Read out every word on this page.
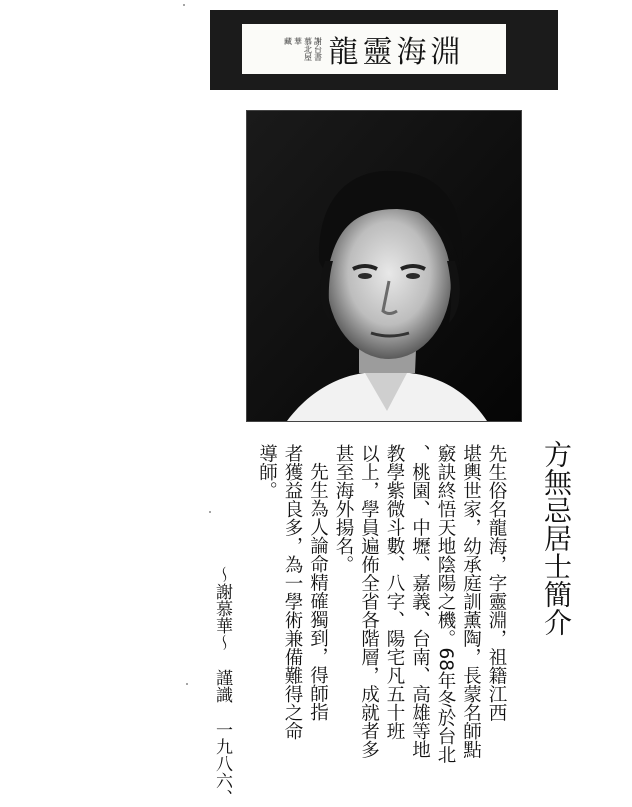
謝台書
慕北屋
華
藏 龍靈海淵
方無忌居士簡介
先生俗名龍海，字靈淵，祖籍江西
堪輿世家，幼承庭訓薰陶，長蒙名師點
竅訣終悟天地陰陽之機。68年冬於台北
、桃園、中壢、嘉義、台南、高雄等地
教學紫微斗數、八字、陽宅凡五十班
以上，學員遍佈全省各階層，成就者多
甚至海外揚名。
先生為人論命精確獨到，得師指
者獲益良多，為一學術兼備難得之命
導師。
〜謝慕華〜謹識一九八六、
